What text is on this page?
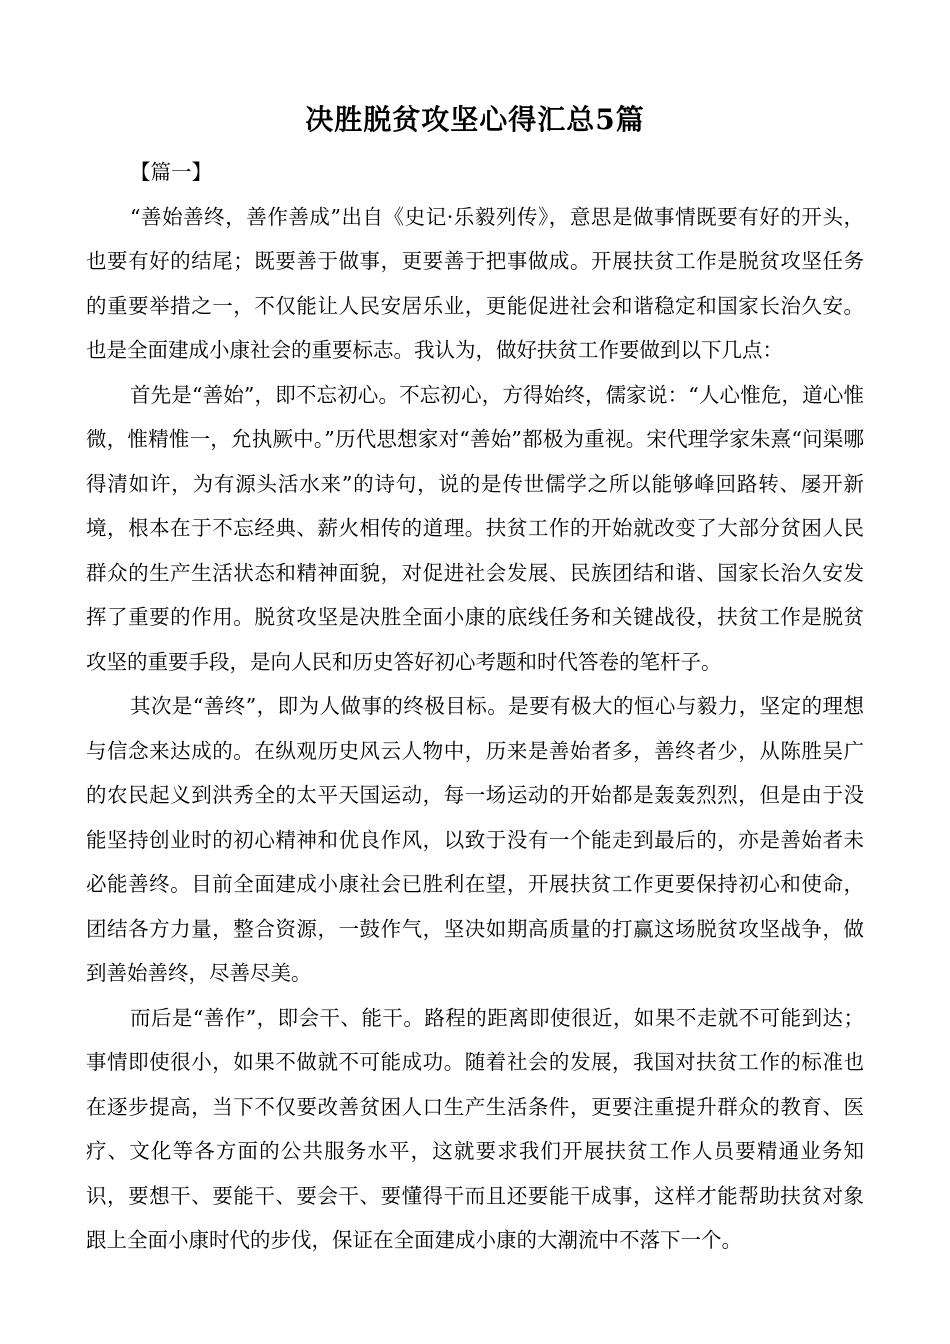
决胜脱贫攻坚心得汇总5篇

【篇一】

“善始善终，善作善成”出自《史记·乐毅列传》，意思是做事情既要有好的开头，也要有好的结尾；既要善于做事，更要善于把事做成。开展扶贫工作是脱贫攻坚任务的重要举措之一，不仅能让人民安居乐业，更能促进社会和谐稳定和国家长治久安。也是全面建成小康社会的重要标志。我认为，做好扶贫工作要做到以下几点：

首先是“善始”，即不忘初心。不忘初心，方得始终，儒家说：“人心惟危，道心惟微，惟精惟一，允执厥中。”历代思想家对“善始”都极为重视。宋代理学家朱熹“问渠哪得清如许，为有源头活水来”的诗句，说的是传世儒学之所以能够峰回路转、屡开新境，根本在于不忘经典、薪火相传的道理。扶贫工作的开始就改变了大部分贫困人民群众的生产生活状态和精神面貌，对促进社会发展、民族团结和谐、国家长治久安发挥了重要的作用。脱贫攻坚是决胜全面小康的底线任务和关键战役，扶贫工作是脱贫攻坚的重要手段，是向人民和历史答好初心考题和时代答卷的笔杆子。

其次是“善终”，即为人做事的终极目标。是要有极大的恒心与毅力，坚定的理想与信念来达成的。在纵观历史风云人物中，历来是善始者多，善终者少，从陈胜吴广的农民起义到洪秀全的太平天国运动，每一场运动的开始都是轰轰烈烈，但是由于没能坚持创业时的初心精神和优良作风，以致于没有一个能走到最后的，亦是善始者未必能善终。目前全面建成小康社会已胜利在望，开展扶贫工作更要保持初心和使命，团结各方力量，整合资源，一鼓作气，坚决如期高质量的打赢这场脱贫攻坚战争，做到善始善终，尽善尽美。

而后是“善作”，即会干、能干。路程的距离即使很近，如果不走就不可能到达；事情即使很小，如果不做就不可能成功。随着社会的发展，我国对扶贫工作的标准也在逐步提高，当下不仅要改善贫困人口生产生活条件，更要注重提升群众的教育、医疗、文化等各方面的公共服务水平，这就要求我们开展扶贫工作人员要精通业务知识，要想干、要能干、要会干、要懂得干而且还要能干成事，这样才能帮助扶贫对象跟上全面小康时代的步伐，保证在全面建成小康的大潮流中不落下一个。
